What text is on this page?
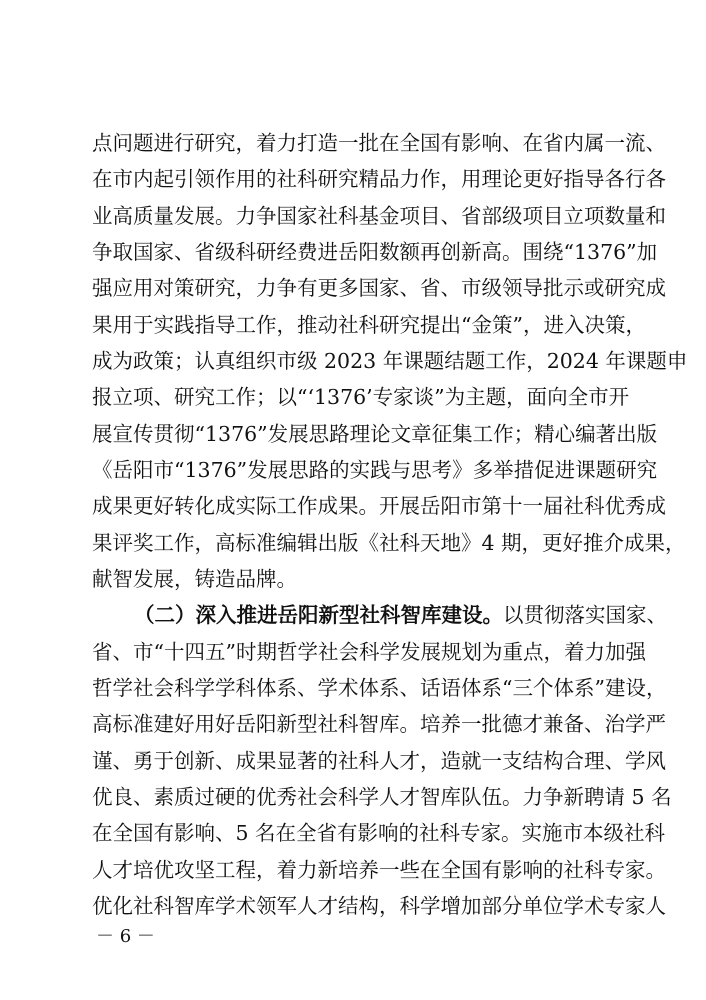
点问题进行研究，着力打造一批在全国有影响、在省内属一流、
在市内起引领作用的社科研究精品力作，用理论更好指导各行各
业高质量发展。力争国家社科基金项目、省部级项目立项数量和
争取国家、省级科研经费进岳阳数额再创新高。围绕“1376”加
强应用对策研究，力争有更多国家、省、市级领导批示或研究成
果用于实践指导工作，推动社科研究提出“金策”，进入决策，
成为政策；认真组织市级 2023 年课题结题工作，2024 年课题申
报立项、研究工作；以“‘1376’专家谈”为主题，面向全市开
展宣传贯彻“1376”发展思路理论文章征集工作；精心编著出版
《岳阳市“1376”发展思路的实践与思考》多举措促进课题研究
成果更好转化成实际工作成果。开展岳阳市第十一届社科优秀成
果评奖工作，高标准编辑出版《社科天地》4 期，更好推介成果，
献智发展，铸造品牌。
（二）深入推进岳阳新型社科智库建设。以贯彻落实国家、
省、市“十四五”时期哲学社会科学发展规划为重点，着力加强
哲学社会科学学科体系、学术体系、话语体系“三个体系”建设，
高标准建好用好岳阳新型社科智库。培养一批德才兼备、治学严
谨、勇于创新、成果显著的社科人才，造就一支结构合理、学风
优良、素质过硬的优秀社会科学人才智库队伍。力争新聘请 5 名
在全国有影响、5 名在全省有影响的社科专家。实施市本级社科
人才培优攻坚工程，着力新培养一些在全国有影响的社科专家。
优化社科智库学术领军人才结构，科学增加部分单位学术专家人
－ 6 －
